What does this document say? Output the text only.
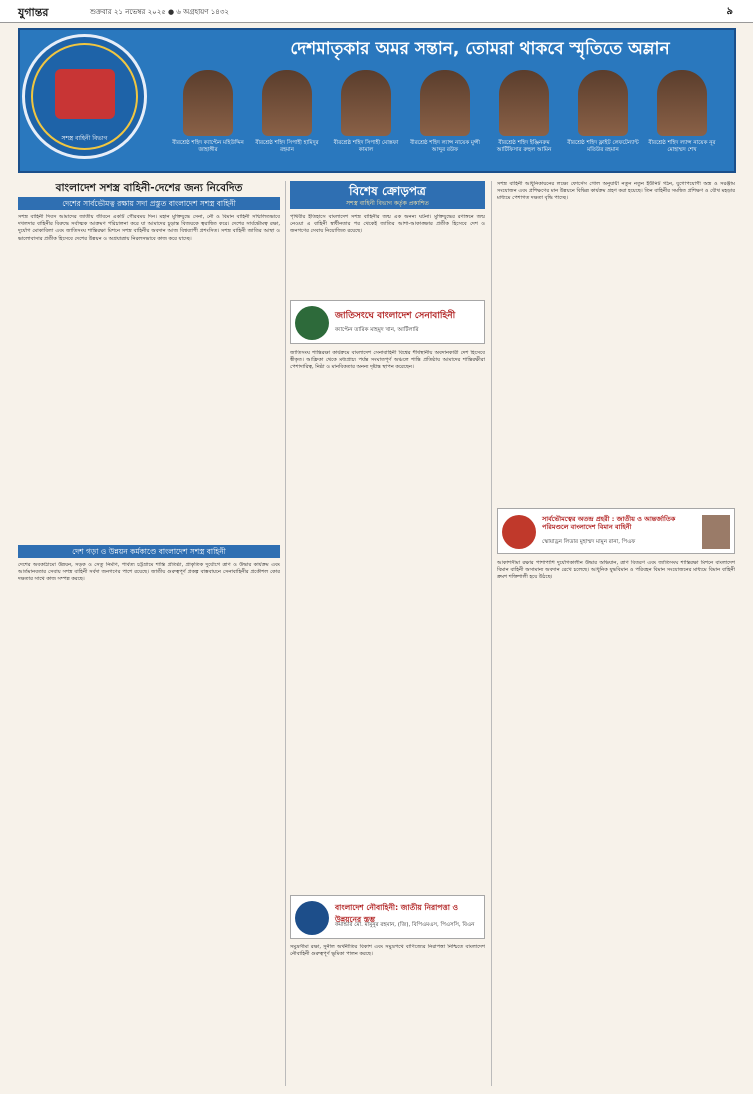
যুগান্তর	শুক্রবার ২১ নভেম্বর ২০২৫ ● ৬ অগ্রহায়ণ ১৪৩২	৯
সশস্ত্র বাহিনী বিভাগ
দেশমাতৃকার অমর সন্তান, তোমরা থাকবে স্মৃতিতে অম্লান
বীরশ্রেষ্ঠ শহিদ ক্যাপ্টেন মহিউদ্দিন জাহাঙ্গীর
বীরশ্রেষ্ঠ শহিদ সিপাহী হামিদুর রহমান
বীরশ্রেষ্ঠ শহিদ সিপাহী মোস্তফা কামাল
বীরশ্রেষ্ঠ শহিদ ল্যান্স নায়েক মুন্সী আব্দুর রউফ
বীরশ্রেষ্ঠ শহিদ ইঞ্জিনরুম আর্টিফিসার রুহুল আমিন
বীরশ্রেষ্ঠ শহিদ ফ্লাইট লেফটেন্যান্ট মতিউর রহমান
বীরশ্রেষ্ঠ শহিদ ল্যান্স নায়েক নূর মোহাম্মদ শেখ
বাংলাদেশ সশস্ত্র বাহিনী-দেশের জন্য নিবেদিত
দেশের সার্বভৌমত্ব রক্ষায় সদা প্রস্তুত বাংলাদেশ সশস্ত্র বাহিনী
সশস্ত্র বাহিনী দিবস আমাদের জাতীয় জীবনে একটি গৌরবময় দিন। মহান মুক্তিযুদ্ধে সেনা, নৌ ও বিমান বাহিনী সম্মিলিতভাবে দখলদার বাহিনীর বিরুদ্ধে সর্বাত্মক আক্রমণ পরিচালনা করে যা আমাদের চূড়ান্ত বিজয়কে ত্বরান্বিত করে। দেশের সার্বভৌমত্ব রক্ষা, দুর্যোগ মোকাবিলা এবং জাতিসংঘ শান্তিরক্ষা মিশনে সশস্ত্র বাহিনীর অবদান আজ বিশ্বব্যাপী প্রশংসিত। সশস্ত্র বাহিনী জাতির আস্থা ও ভালোবাসার প্রতীক হিসেবে দেশের উন্নয়ন ও অগ্রযাত্রায় নিরলসভাবে কাজ করে যাচ্ছে।
দেশ গড়া ও উন্নয়ন কর্মকাণ্ডে বাংলাদেশ সশস্ত্র বাহিনী
দেশের অবকাঠামো উন্নয়ন, সড়ক ও সেতু নির্মাণ, পার্বত্য চট্টগ্রামে শান্তি প্রতিষ্ঠা, প্রাকৃতিক দুর্যোগে ত্রাণ ও উদ্ধার কার্যক্রম এবং আর্তমানবতার সেবায় সশস্ত্র বাহিনী সর্বদা জনগণের পাশে রয়েছে। জাতীয় গুরুত্বপূর্ণ প্রকল্প বাস্তবায়নে সেনাবাহিনীর প্রকৌশল কোর দক্ষতার সাথে কাজ সম্পন্ন করছে।
বিশেষ ক্রোড়পত্র
সশস্ত্র বাহিনী বিভাগ কর্তৃক প্রকাশিত
পৃথিবীর ইতিহাসে বাংলাদেশ সশস্ত্র বাহিনীর জন্ম এক অনন্য ঘটনা। মুক্তিযুদ্ধের রণাঙ্গনে জন্ম নেওয়া এ বাহিনী স্বাধীনতার পর থেকেই জাতির আশা-আকাঙ্ক্ষার প্রতীক হিসেবে দেশ ও জনগণের সেবায় নিয়োজিত রয়েছে।
জাতিসংঘে বাংলাদেশ সেনাবাহিনী
ক্যাপ্টেন তারিক মাহমুদ খান, আর্টিলারি
জাতিসংঘ শান্তিরক্ষা কার্যক্রমে বাংলাদেশ সেনাবাহিনী বিশ্বের শীর্ষস্থানীয় অবদানকারী দেশ হিসেবে স্বীকৃত। আফ্রিকা থেকে মধ্যপ্রাচ্য পর্যন্ত সংঘাতপূর্ণ অঞ্চলে শান্তি প্রতিষ্ঠায় আমাদের শান্তিরক্ষীরা পেশাদারিত্ব, নিষ্ঠা ও মানবিকতার অনন্য দৃষ্টান্ত স্থাপন করেছেন।
বাংলাদেশ নৌবাহিনী: জাতীয় নিরাপত্তা ও উন্নয়নের স্তম্ভ
কমান্ডার মো. মামুনুর রহমান, (জি), বিপিএমএস, পিএসসি, বিএন
সমুদ্রসীমা রক্ষা, সুনীল অর্থনীতির বিকাশ এবং সমুদ্রপথে বাণিজ্যের নিরাপত্তা নিশ্চিতে বাংলাদেশ নৌবাহিনী গুরুত্বপূর্ণ ভূমিকা পালন করছে।
সশস্ত্র বাহিনী আধুনিকায়নের লক্ষ্যে ফোর্সেস গোল অনুযায়ী নতুন নতুন ইউনিট গঠন, যুগোপযোগী অস্ত্র ও সরঞ্জাম সংযোজন এবং প্রশিক্ষণের মান উন্নয়নে বিভিন্ন কার্যক্রম গ্রহণ করা হয়েছে। তিন বাহিনীর সমন্বিত প্রশিক্ষণ ও যৌথ মহড়ার মাধ্যমে পেশাগত দক্ষতা বৃদ্ধি পাচ্ছে।
সার্বভৌমত্বের অতন্দ্র প্রহরী : জাতীয় ও আন্তর্জাতিক পরিমণ্ডলে বাংলাদেশ বিমান বাহিনী
স্কোয়াড্রন লিডার মুহাম্মদ মামুন রানা, পিএফ
আকাশসীমা রক্ষার পাশাপাশি দুর্যোগকালীন উদ্ধার অভিযান, ত্রাণ বিতরণ এবং জাতিসংঘ শান্তিরক্ষা মিশনে বাংলাদেশ বিমান বাহিনী অসামান্য অবদান রেখে চলেছে। আধুনিক যুদ্ধবিমান ও পরিবহন বিমান সংযোজনের মাধ্যমে বিমান বাহিনী ক্রমশ শক্তিশালী হয়ে উঠছে।
